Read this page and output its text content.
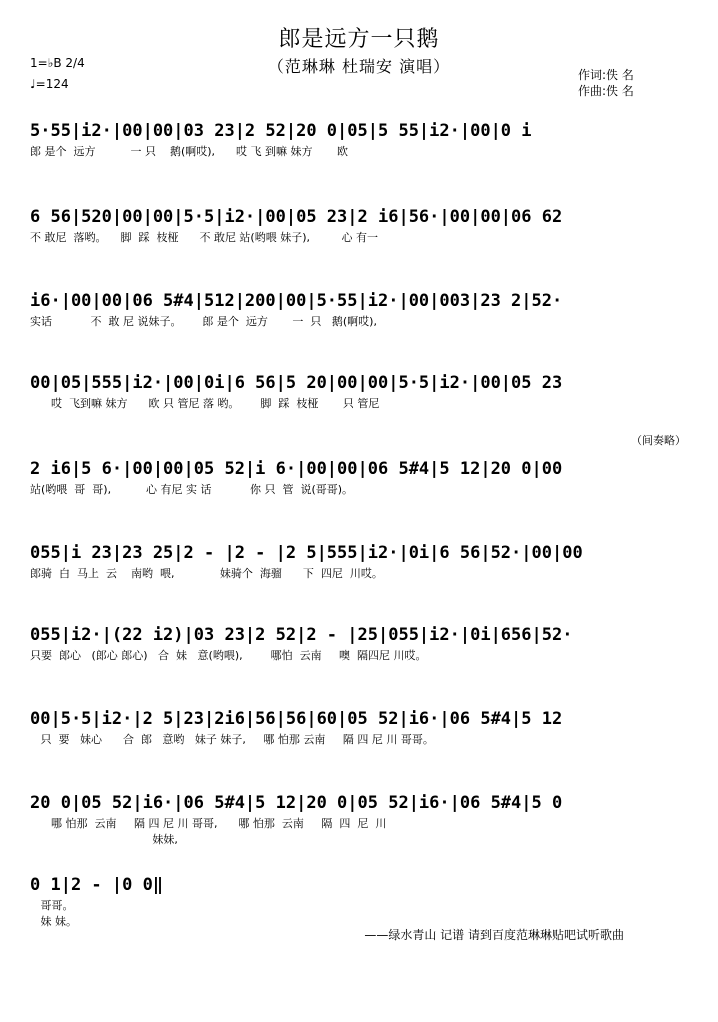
郎是远方一只鹅
（范琳琳 杜瑞安 演唱）
1=♭B 2/4
♩=124
作词:佚 名
作曲:佚 名
5·55|i2·|00|00|03 23|2 52|20 0|05|5 55|i2·|00|0 i
郎 是个  远方          一 只    鹅(啊哎),      哎 飞 到嘛 妹方       欧
6 56|520|00|00|5·5|i2·|00|05 23|2 i6|56·|00|00|06 62
不 敢尼  落哟。    脚  踩  枝桠      不 敢尼 站(哟喂 妹子),         心 有一
i6·|00|00|06 5#4|512|200|00|5·55|i2·|00|003|23 2|52·
实话           不  敢 尼 说妹子。      郎 是个  远方       一  只   鹅(啊哎),
00|05|555|i2·|00|0i|6 56|5 20|00|00|5·5|i2·|00|05 23
哎  飞到嘛 妹方      欧 只 管尼 落 哟。      脚  踩  枝桠       只 管尼
（间奏略）
2 i6|5 6·|00|00|05 52|i 6·|00|00|06 5#4|5 12|20 0|00
站(哟喂  哥  哥),          心 有尼 实 话           你 只  管  说(哥哥)。
055|i 23|23 25|2 - |2 - |2 5|555|i2·|0i|6 56|52·|00|00
郎骑  白  马上  云    南哟  喂,             妹骑个  海骝      下  四尼  川哎。
055|i2·|(22 i2)|03 23|2 52|2 - |25|055|i2·|0i|656|52·
只要  郎心   (郎心 郎心)   合  妹   意(哟喂),        哪怕  云南     噢  隔四尼 川哎。
00|5·5|i2·|2 5|23|2i6|56|56|60|05 52|i6·|06 5#4|5 12
只  要   妹心      合  郎   意哟   妹子 妹子,     哪 怕那 云南     隔 四 尼 川 哥哥。
20 0|05 52|i6·|06 5#4|5 12|20 0|05 52|i6·|06 5#4|5 0
哪 怕那  云南     隔 四 尼 川 哥哥,      哪 怕那  云南     隔  四  尼  川
妹妹,
0 1|2 - |0 0‖
哥哥。
妹 妹。
——绿水青山 记谱 请到百度范琳琳贴吧试听歌曲
